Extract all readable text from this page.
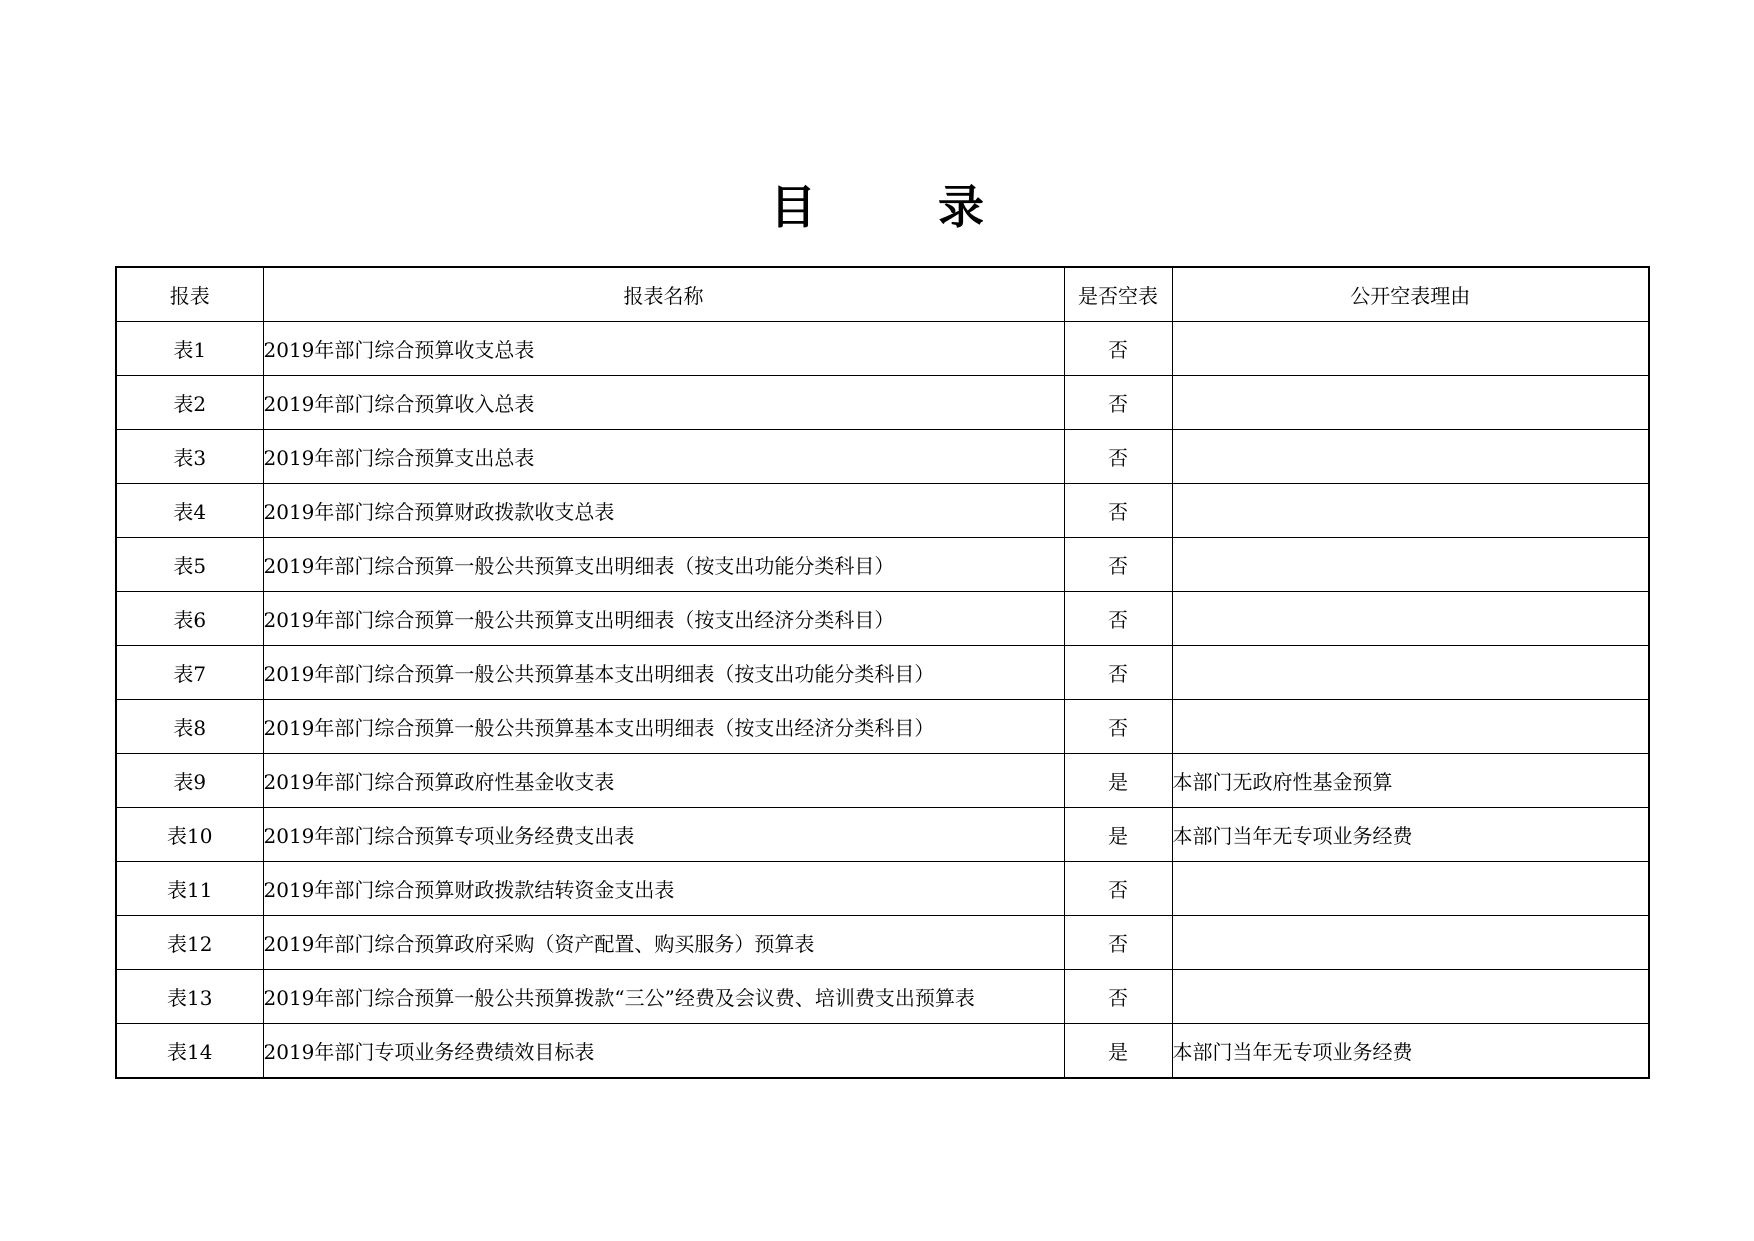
目　录
报表	报表名称	是否空表	公开空表理由
表1	2019年部门综合预算收支总表	否	
表2	2019年部门综合预算收入总表	否	
表3	2019年部门综合预算支出总表	否	
表4	2019年部门综合预算财政拨款收支总表	否	
表5	2019年部门综合预算一般公共预算支出明细表（按支出功能分类科目）	否	
表6	2019年部门综合预算一般公共预算支出明细表（按支出经济分类科目）	否	
表7	2019年部门综合预算一般公共预算基本支出明细表（按支出功能分类科目）	否	
表8	2019年部门综合预算一般公共预算基本支出明细表（按支出经济分类科目）	否	
表9	2019年部门综合预算政府性基金收支表	是	本部门无政府性基金预算
表10	2019年部门综合预算专项业务经费支出表	是	本部门当年无专项业务经费
表11	2019年部门综合预算财政拨款结转资金支出表	否	
表12	2019年部门综合预算政府采购（资产配置、购买服务）预算表	否	
表13	2019年部门综合预算一般公共预算拨款“三公”经费及会议费、培训费支出预算表	否	
表14	2019年部门专项业务经费绩效目标表	是	本部门当年无专项业务经费
